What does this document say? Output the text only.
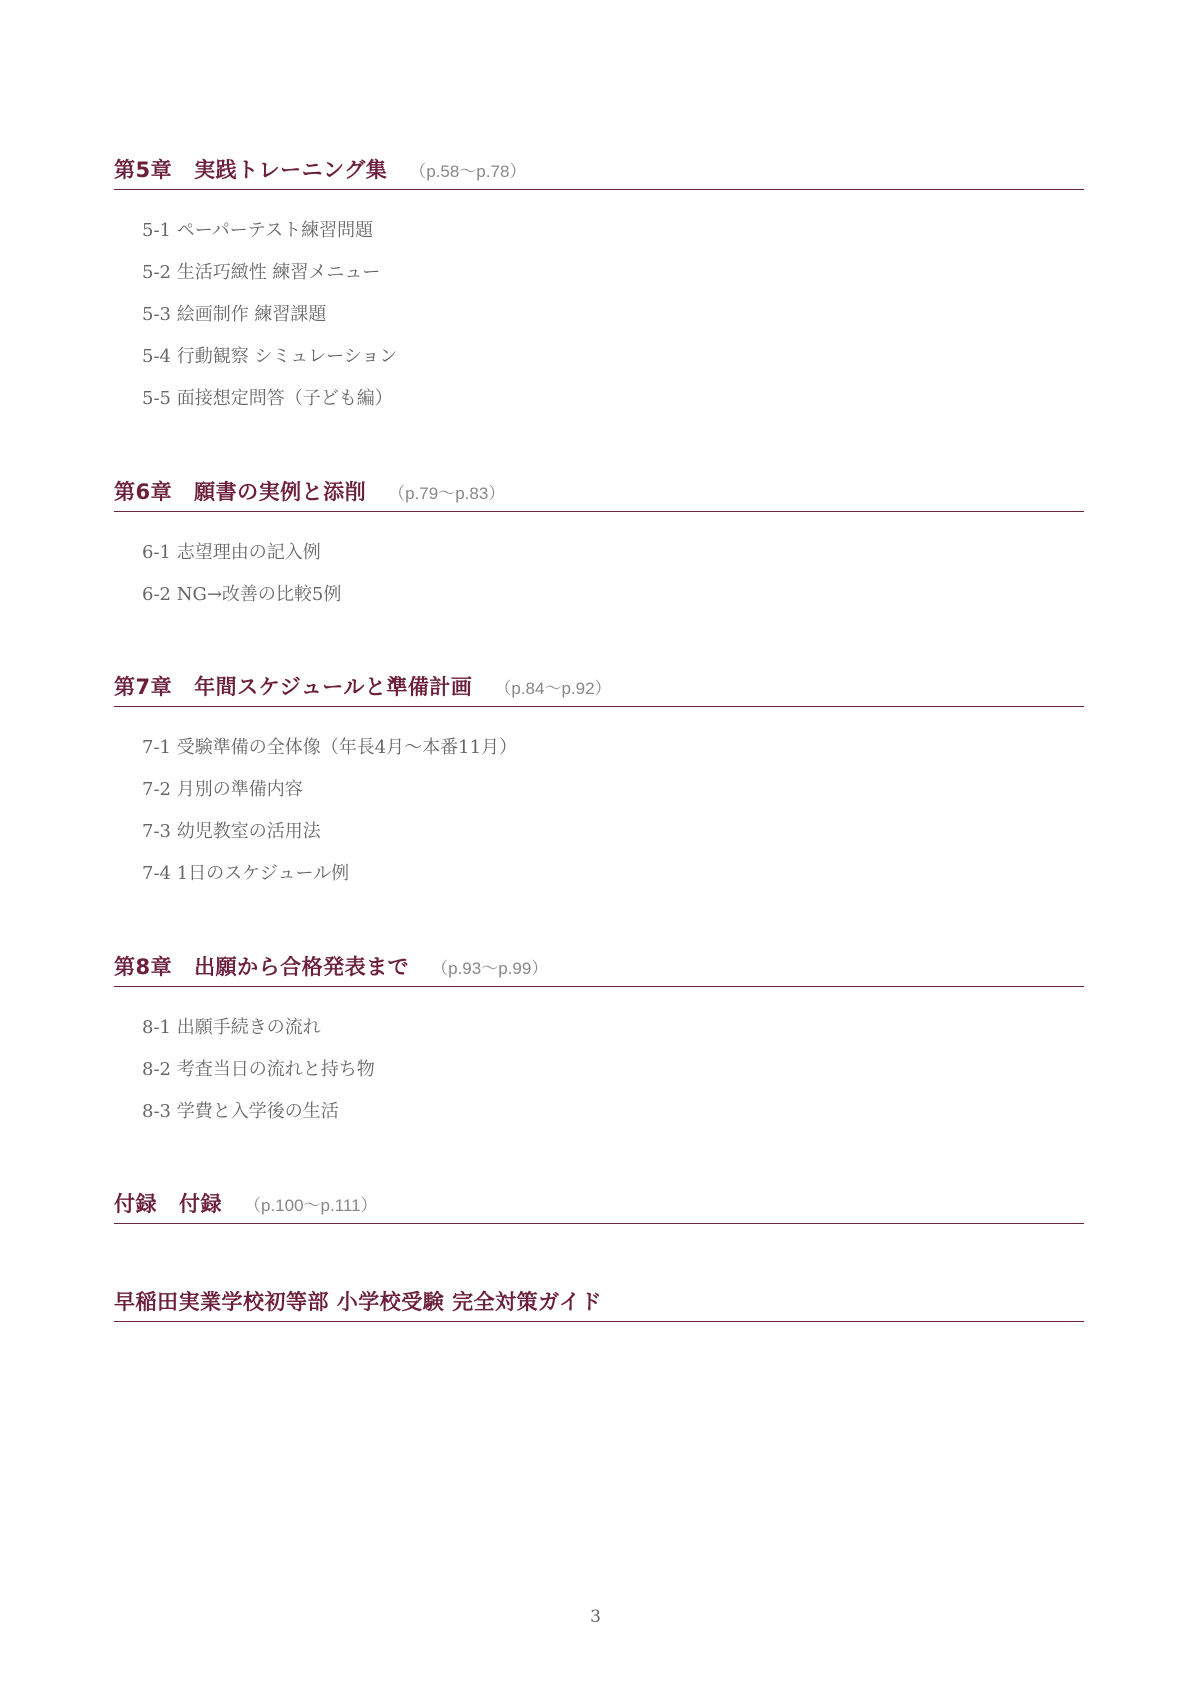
第5章 実践トレーニング集 （p.58〜p.78）
5-1 ペーパーテスト練習問題
5-2 生活巧緻性 練習メニュー
5-3 絵画制作 練習課題
5-4 行動観察 シミュレーション
5-5 面接想定問答（子ども編）
第6章 願書の実例と添削 （p.79〜p.83）
6-1 志望理由の記入例
6-2 NG→改善の比較5例
第7章 年間スケジュールと準備計画 （p.84〜p.92）
7-1 受験準備の全体像（年長4月〜本番11月）
7-2 月別の準備内容
7-3 幼児教室の活用法
7-4 1日のスケジュール例
第8章 出願から合格発表まで （p.93〜p.99）
8-1 出願手続きの流れ
8-2 考査当日の流れと持ち物
8-3 学費と入学後の生活
付録 付録 （p.100〜p.111）
早稲田実業学校初等部 小学校受験 完全対策ガイド
3
